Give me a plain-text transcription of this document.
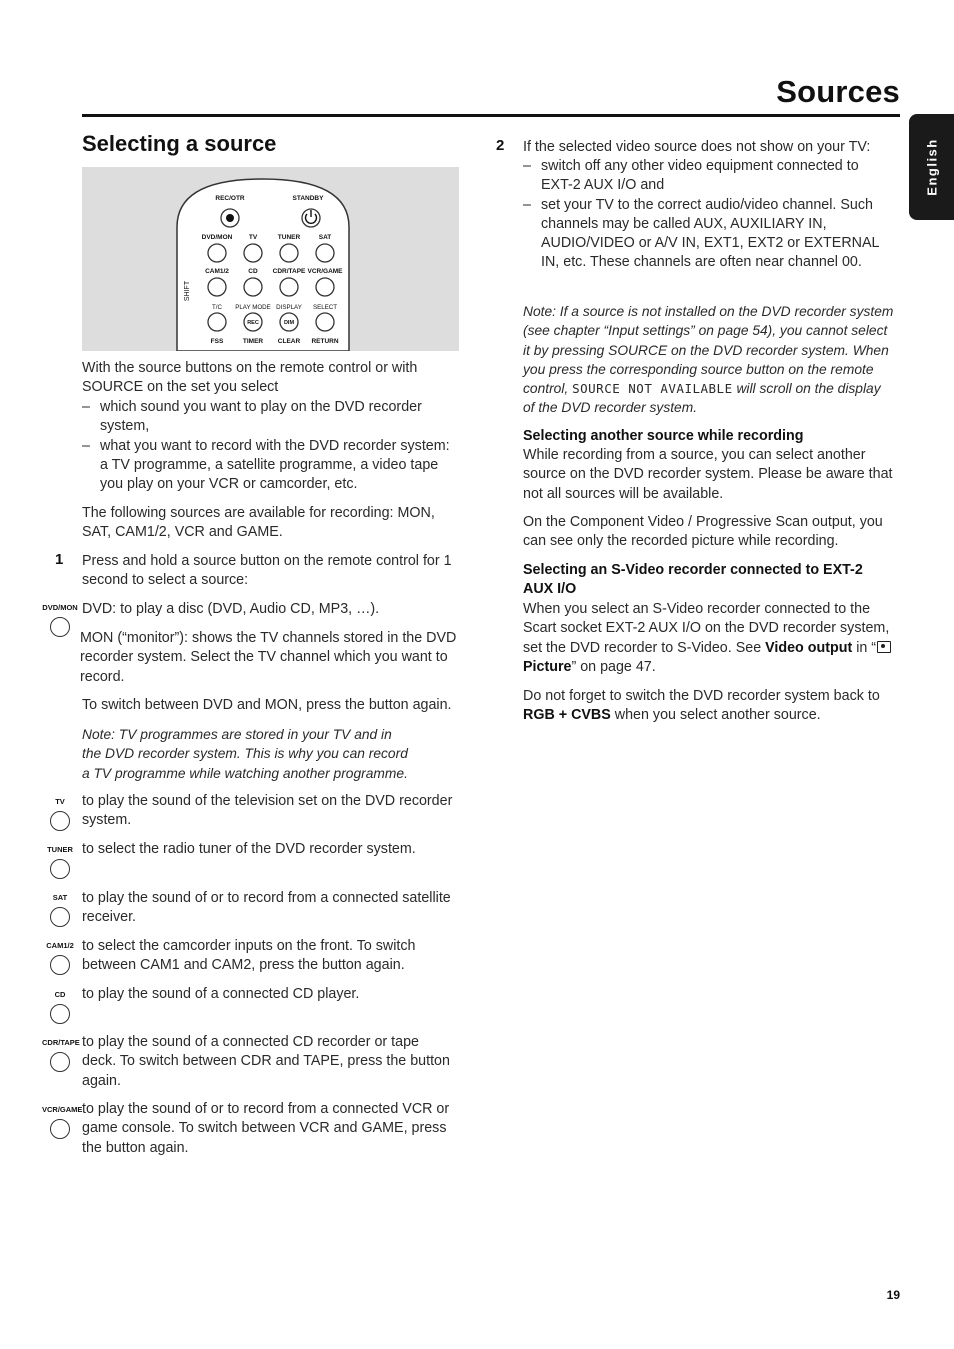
Sources
English
Selecting a source
REC/OTR	STANDBY
DVD/MON	TV	TUNER	SAT
CAM1/2	CD CDR/TAPE VCR/GAME
FSS	TIMER CLEAR RETURN
T/C PLAY MODE DISPLAY SELECT
SHIFT
REC	DIM
With the source buttons on the remote control or with SOURCE on the set you select
– which sound you want to play on the DVD recorder system,
– what you want to record with the DVD recorder system: a TV programme, a satellite programme, a video tape you play on your VCR or camcorder, etc.
The following sources are available for recording: MON, SAT, CAM1/2, VCR and GAME.
1 Press and hold a source button on the remote control for 1 second to select a source:
DVD/MON DVD: to play a disc (DVD, Audio CD, MP3, …).
MON (“monitor”): shows the TV channels stored in the DVD recorder system. Select the TV channel which you want to record.
To switch between DVD and MON, press the button again.
Note: TV programmes are stored in your TV and in the DVD recorder system. This is why you can record a TV programme while watching another programme.
TV	to play the sound of the television set on the DVD recorder system.
TUNER to select the radio tuner of the DVD recorder system.
SAT	to play the sound of or to record from a connected satellite receiver.
CAM1/2 to select the camcorder inputs on the front. To switch between CAM1 and CAM2, press the button again.
CD	to play the sound of a connected CD player.
CDR/TAPE to play the sound of a connected CD recorder or tape deck. To switch between CDR and TAPE, press the button again.
VCR/GAME to play the sound of or to record from a connected VCR or game console. To switch between VCR and GAME, press the button again.
2 If the selected video source does not show on your TV:
– switch off any other video equipment connected to EXT-2 AUX I/O and
– set your TV to the correct audio/video channel. Such channels may be called AUX, AUXILIARY IN, AUDIO/VIDEO or A/V IN, EXT1, EXT2 or EXTERNAL IN, etc. These channels are often near channel 00.
Note: If a source is not installed on the DVD recorder system (see chapter “Input settings” on page 54), you cannot select it by pressing SOURCE on the DVD recorder system. When you press the corresponding source button on the remote control, SOURCE NOT AVAILABLE will scroll on the display of the DVD recorder system.
Selecting another source while recording
While recording from a source, you can select another source on the DVD recorder system. Please be aware that not all sources will be available.
On the Component Video / Progressive Scan output, you can see only the recorded picture while recording.
Selecting an S-Video recorder connected to EXT-2 AUX I/O
When you select an S-Video recorder connected to the Scart socket EXT-2 AUX I/O on the DVD recorder system, set the DVD recorder to S-Video. See Video output in “ Picture” on page 47.
Do not forget to switch the DVD recorder system back to RGB + CVBS when you select another source.
19
